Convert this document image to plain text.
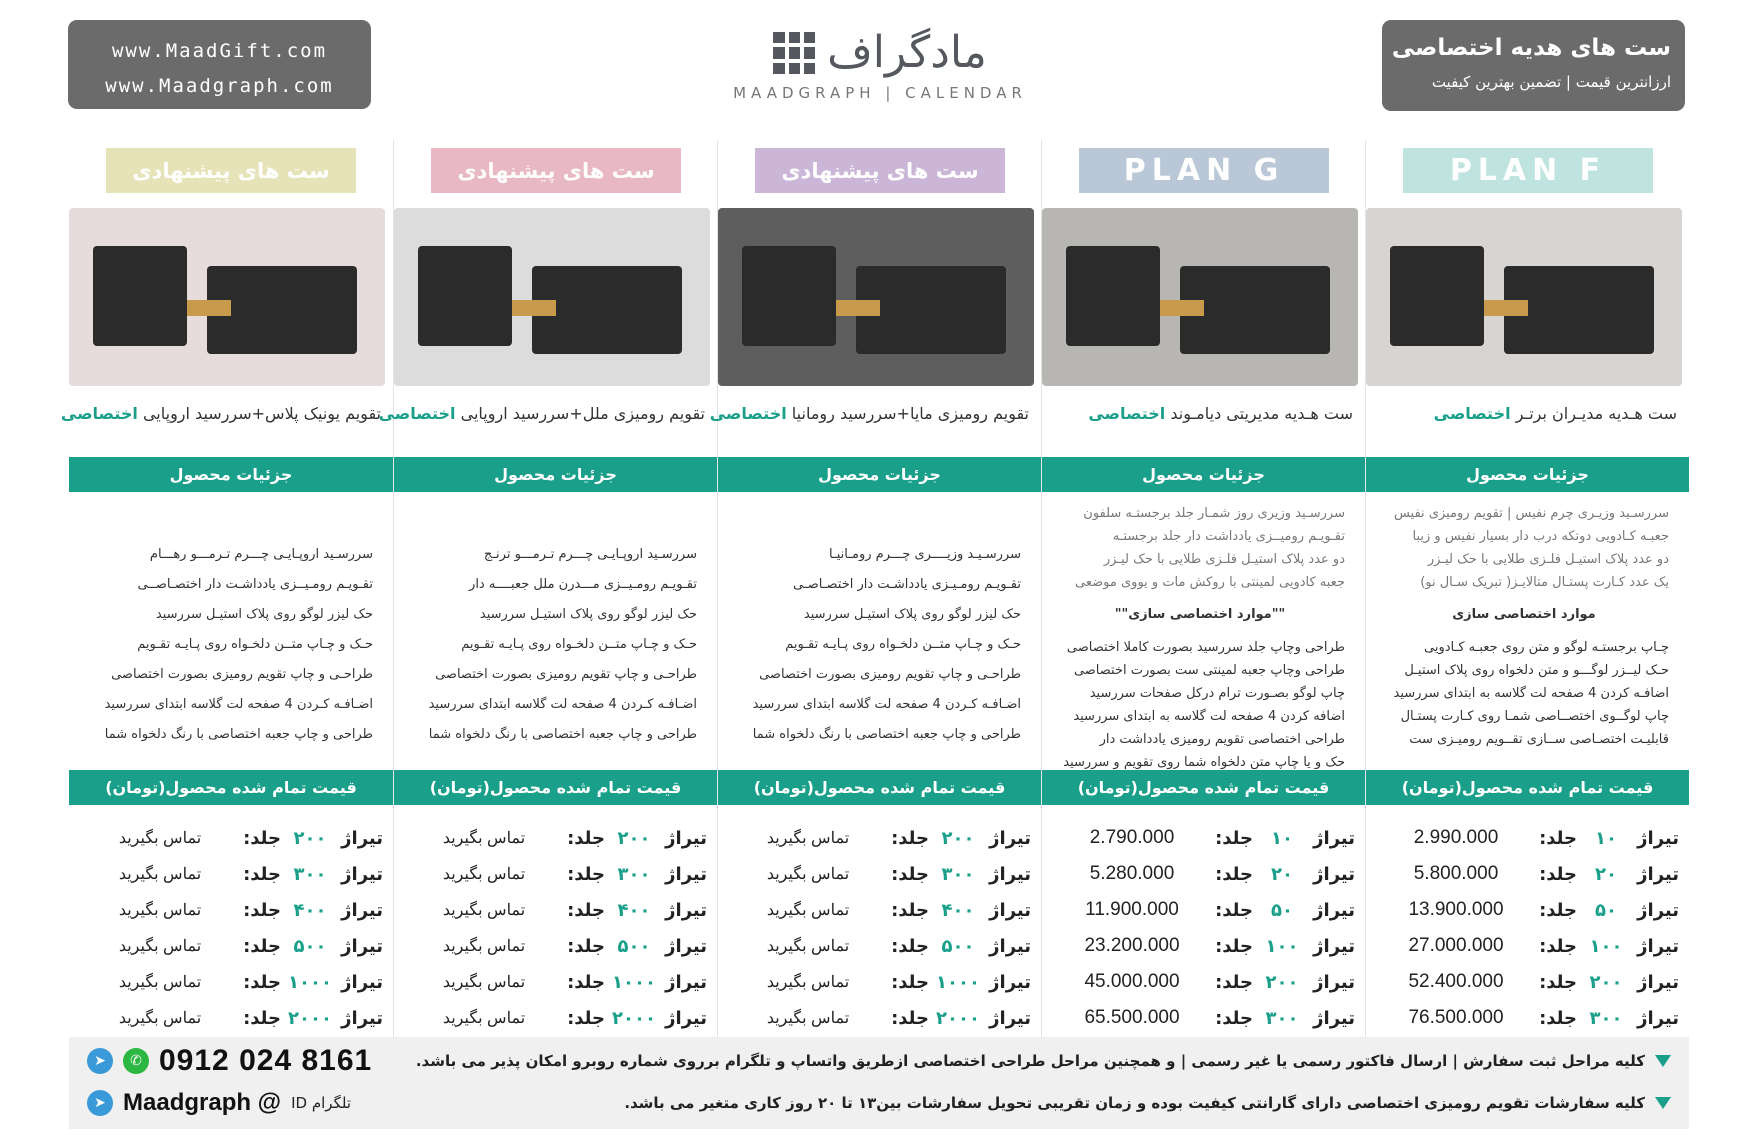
www.MaadGift.com
www.Maadgraph.com
مادگراف
MAADGRAPH | CALENDAR
ست های هدیه اختصاصی
ارزانترین قیمت | تضمین بهترین کیفیت
PLAN F
ست هـدیه مدیـران برتـر اختصاصی
جزئیات محصول
سررسـید وزیـری چرم نفیس | تقویم رومیزی نفیس
جعبـه کـادویی دوتکه درب دار بسیار نفیس و زیبا
دو عدد پلاک استیـل فلـزی طلایی با حک لیـزر
یک عدد کـارت پستـال متالایـز( تبریک سـال نو)
موارد اختصاصی سازی
چـاپ برجستـه لوگو و متن روی جعبـه کـادویی
حـک لیــزر لوگـــو و متن دلخواه روی پلاک استیـل
اضافـه کردن 4 صفحه لت گلاسه به ابتدای سررسید
چاپ لوگــوی اختصــاصی شمـا روی کـارت پستـال
قابلیـت اختصـاصی ســازی تقــویم رومیـزی ست
قیمت تمام شده محصول(تومان)
تیراژ
۱۰
جلد:
2.990.000
تیراژ
۲۰
جلد:
5.800.000
تیراژ
۵۰
جلد:
13.900.000
تیراژ
۱۰۰
جلد:
27.000.000
تیراژ
۲۰۰
جلد:
52.400.000
تیراژ
۳۰۰
جلد:
76.500.000
PLAN G
ست هـدیه مدیریتی دیامـوند اختصاصی
جزئیات محصول
سررسـید وزیری روز شمـار جلد برجستـه سلفون
تقـویـم رومیــزی یادداشت دار جلد برجستـه
دو عدد پلاک استیـل فلـزی طلایی با حک لیـزر
جعبه کادویی لمینتی با روکش مات و یووی موضعی
""موارد اختصاصی سازی""
طراحی وچاپ جلد سررسید بصورت کاملا اختصاصی
طراحی وچاپ جعبه لمینتی ست بصورت اختصاصی
چاپ لوگو بصـورت ترام درکل صفحات سررسید
اضافه کردن 4 صفحه لت گلاسه به ابتدای سررسید
طراحی اختصاصی تقویم رومیزی یادداشت دار
حک و یا چاپ متن دلخواه شما روی تقویم و سررسید
قیمت تمام شده محصول(تومان)
تیراژ
۱۰
جلد:
2.790.000
تیراژ
۲۰
جلد:
5.280.000
تیراژ
۵۰
جلد:
11.900.000
تیراژ
۱۰۰
جلد:
23.200.000
تیراژ
۲۰۰
جلد:
45.000.000
تیراژ
۳۰۰
جلد:
65.500.000
ست های پیشنهادی
تقویم رومیزی مایا+سررسید رومانیا اختصاصی
جزئیات محصول
سررسـیـد وزیــــری چـــرم رومـانیـا
تقـویـم رومـیـزی یادداشـت دار اختصـاصـی
حک لیزر لوگو روی پلاک استیـل سررسید
حـک و چـاپ متــن دلخـواه روی پـایـه تقـویم
طراحـی و چاپ تقویم رومیزی بصورت اختصاصی
اضـافـه کـردن 4 صفحه لت گلاسه ابتدای سررسید
طراحی و چاپ جعبه اختصاصی با رنگ دلخواه شما
قیمت تمام شده محصول(تومان)
تیراژ
۲۰۰
جلد:
تماس بگیرید
تیراژ
۳۰۰
جلد:
تماس بگیرید
تیراژ
۴۰۰
جلد:
تماس بگیرید
تیراژ
۵۰۰
جلد:
تماس بگیرید
تیراژ
۱۰۰۰
جلد:
تماس بگیرید
تیراژ
۲۰۰۰
جلد:
تماس بگیرید
ست های پیشنهادی
تقویم رومیزی ملل+سررسید اروپایی اختصاصی
جزئیات محصول
سررسـید اروپـایـی چـــرم تـرمـــو ترنـج
تقـویـم رومـیــزی مـــدرن ملل جعبــــه دار
حک لیزر لوگو روی پلاک استیـل سررسید
حـک و چـاپ متــن دلخـواه روی پـایـه تقـویم
طراحـی و چاپ تقویم رومیزی بصورت اختصاصی
اضـافـه کـردن 4 صفحه لت گلاسه ابتدای سررسید
طراحی و چاپ جعبه اختصاصی با رنگ دلخواه شما
قیمت تمام شده محصول(تومان)
تیراژ
۲۰۰
جلد:
تماس بگیرید
تیراژ
۳۰۰
جلد:
تماس بگیرید
تیراژ
۴۰۰
جلد:
تماس بگیرید
تیراژ
۵۰۰
جلد:
تماس بگیرید
تیراژ
۱۰۰۰
جلد:
تماس بگیرید
تیراژ
۲۰۰۰
جلد:
تماس بگیرید
ست های پیشنهادی
تقویم یونیک پلاس+سررسید اروپایی اختصاصی
جزئیات محصول
سررسـید اروپـایـی چـــرم تـرمـــو رهـــام
تقـویـم رومـیــزی یادداشـت دار اختصـاصــی
حک لیزر لوگو روی پلاک استیـل سررسید
حـک و چـاپ متــن دلخـواه روی پـایـه تقـویم
طراحـی و چاپ تقویم رومیزی بصورت اختصاصی
اضـافـه کـردن 4 صفحه لت گلاسه ابتدای سررسید
طراحی و چاپ جعبه اختصاصی با رنگ دلخواه شما
قیمت تمام شده محصول(تومان)
تیراژ
۲۰۰
جلد:
تماس بگیرید
تیراژ
۳۰۰
جلد:
تماس بگیرید
تیراژ
۴۰۰
جلد:
تماس بگیرید
تیراژ
۵۰۰
جلد:
تماس بگیرید
تیراژ
۱۰۰۰
جلد:
تماس بگیرید
تیراژ
۲۰۰۰
جلد:
تماس بگیرید
کلیه مراحل ثبت سفارش | ارسال فاکتور رسمی یا غیر رسمی | و همچنین مراحل طراحی اختصاصی ازطریق واتساپ و تلگرام برروی شماره روبرو امکان پذیر می باشد.
کلیه سفارشات تقویم رومیزی اختصاصی دارای گارانتی کیفیت بوده و زمان تقریبی تحویل سفارشات بین۱۳ تا ۲۰ روز کاری متغیر می باشد.
➤	✆ 0912 024 8161
➤ Maadgraph @ ID تلگرام
